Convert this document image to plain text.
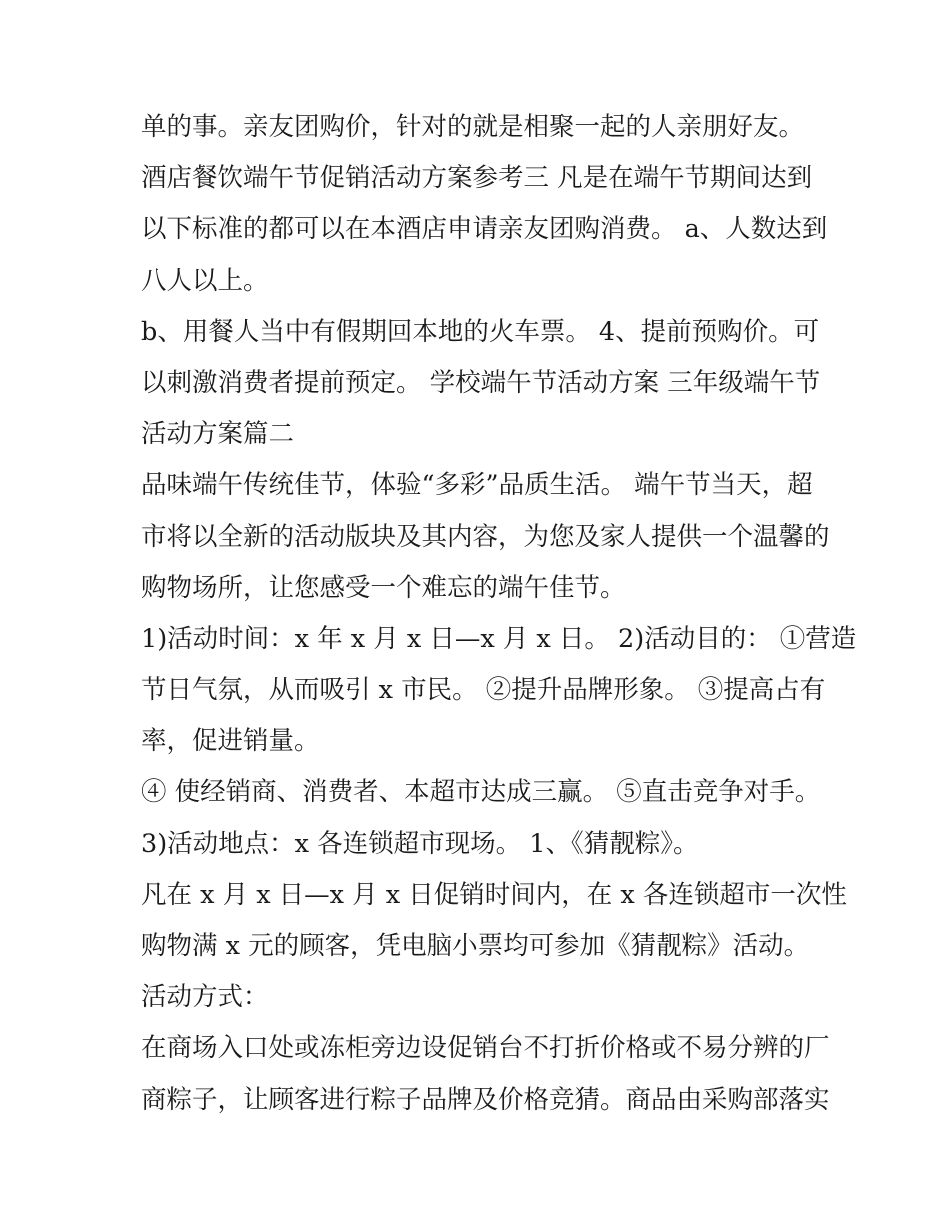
单的事。亲友团购价，针对的就是相聚一起的人亲朋好友。
酒店餐饮端午节促销活动方案参考三 凡是在端午节期间达到
以下标准的都可以在本酒店申请亲友团购消费。 a、人数达到
八人以上。
b、用餐人当中有假期回本地的火车票。 4、提前预购价。可
以刺激消费者提前预定。 学校端午节活动方案 三年级端午节
活动方案篇二
品味端午传统佳节，体验“多彩”品质生活。 端午节当天，超
市将以全新的活动版块及其内容，为您及家人提供一个温馨的
购物场所，让您感受一个难忘的端午佳节。
1)活动时间：x 年 x 月 x 日—x 月 x 日。 2)活动目的： ①营造
节日气氛，从而吸引 x 市民。 ②提升品牌形象。 ③提高占有
率，促进销量。
④ 使经销商、消费者、本超市达成三赢。 ⑤直击竞争对手。
3)活动地点：x 各连锁超市现场。 1、《猜靓粽》。
凡在 x 月 x 日—x 月 x 日促销时间内，在 x 各连锁超市一次性
购物满 x 元的顾客，凭电脑小票均可参加《猜靓粽》活动。
活动方式：
在商场入口处或冻柜旁边设促销台不打折价格或不易分辨的厂
商粽子，让顾客进行粽子品牌及价格竞猜。商品由采购部落实
